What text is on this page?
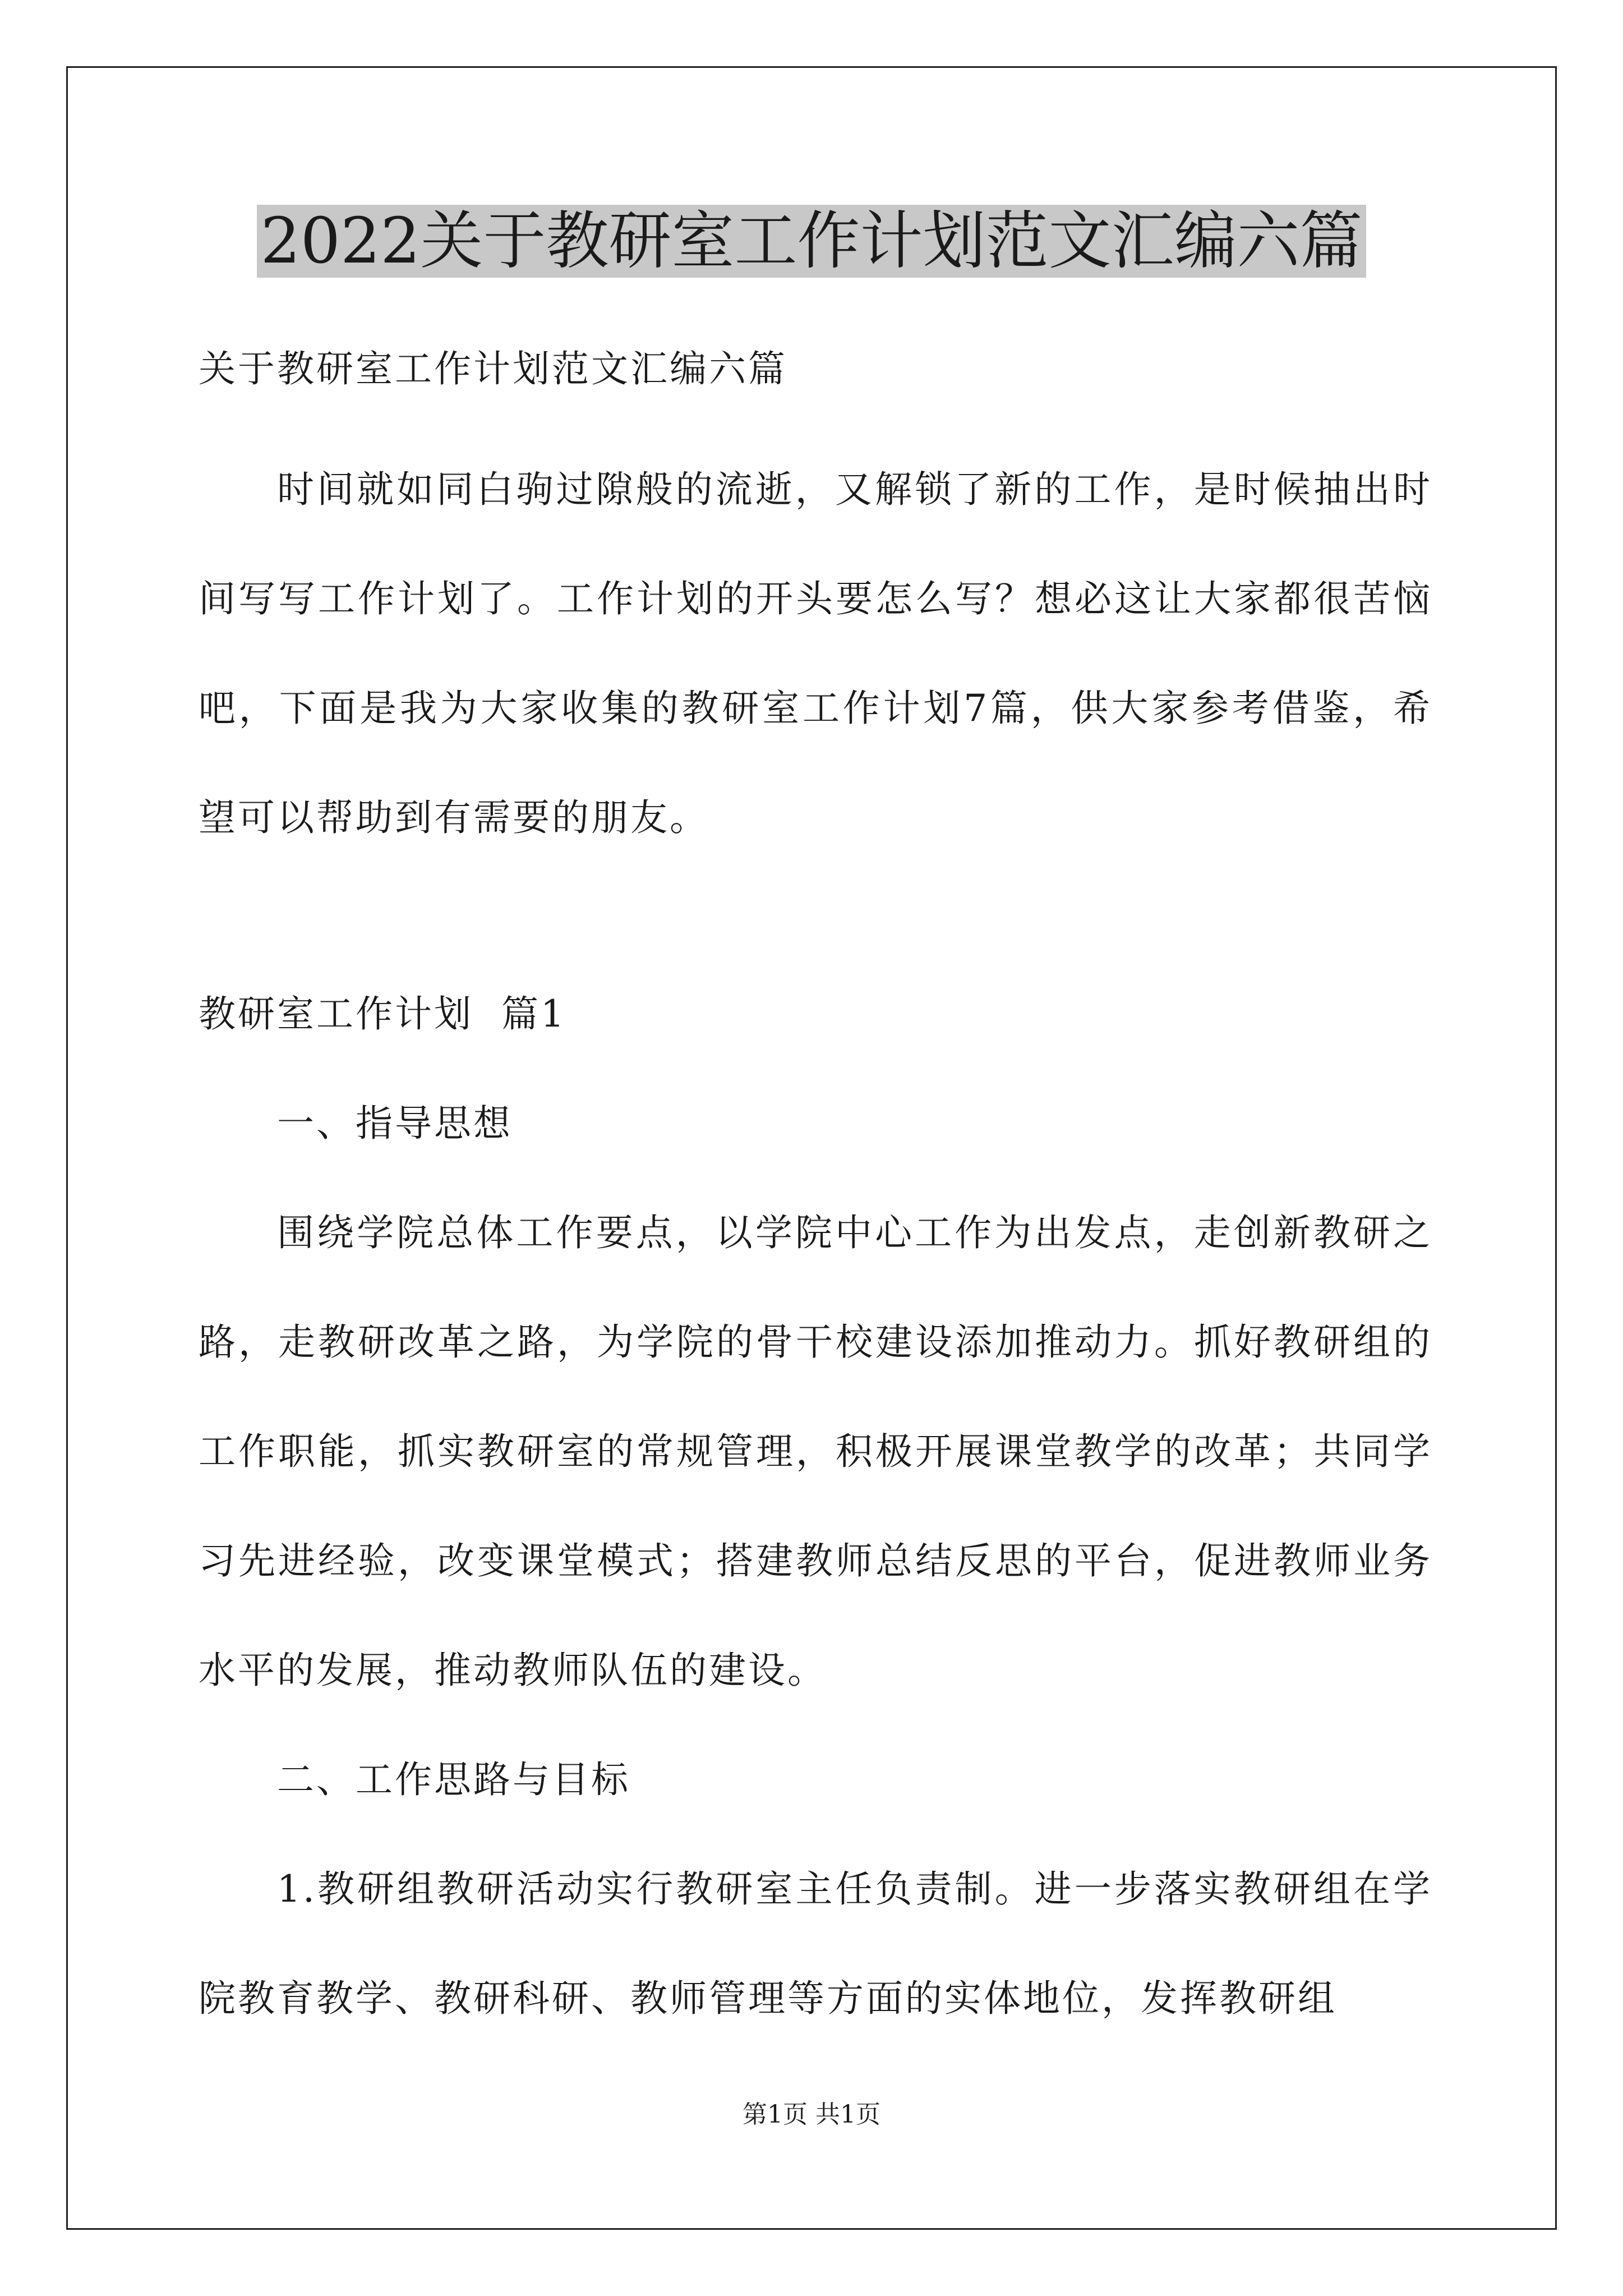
2022关于教研室工作计划范文汇编六篇

关于教研室工作计划范文汇编六篇

时间就如同白驹过隙般的流逝，又解锁了新的工作，是时候抽出时间写写工作计划了。工作计划的开头要怎么写？想必这让大家都很苦恼吧，下面是我为大家收集的教研室工作计划7篇，供大家参考借鉴，希望可以帮助到有需要的朋友。

教研室工作计划  篇1

一、指导思想

围绕学院总体工作要点，以学院中心工作为出发点，走创新教研之路，走教研改革之路，为学院的骨干校建设添加推动力。抓好教研组的工作职能，抓实教研室的常规管理，积极开展课堂教学的改革；共同学习先进经验，改变课堂模式；搭建教师总结反思的平台，促进教师业务水平的发展，推动教师队伍的建设。

二、工作思路与目标

1.教研组教研活动实行教研室主任负责制。进一步落实教研组在学院教育教学、教研科研、教师管理等方面的实体地位，发挥教研组

第1页 共1页
